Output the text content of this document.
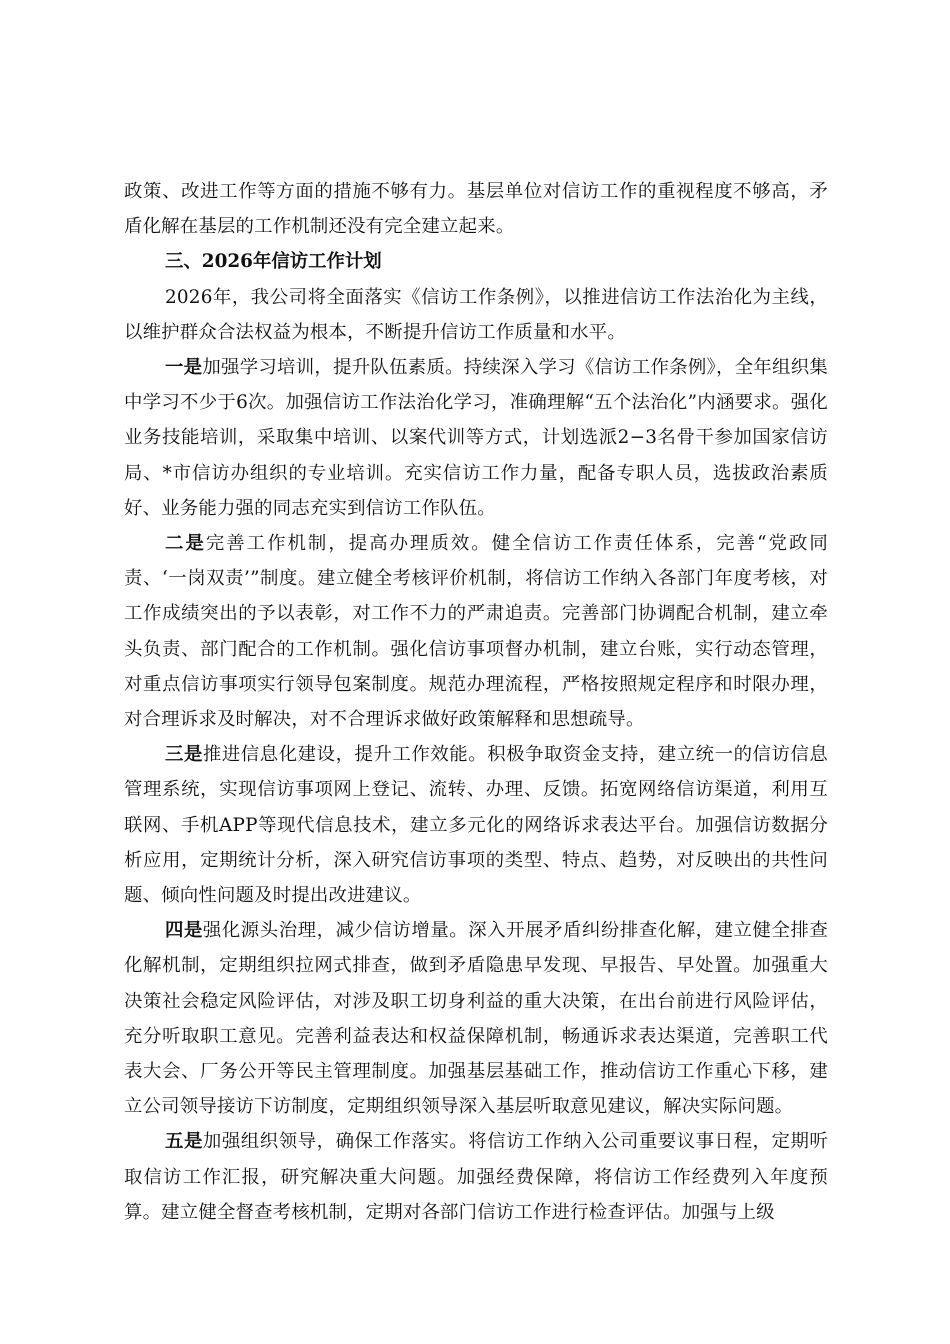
政策、改进工作等方面的措施不够有力。基层单位对信访工作的重视程度不够高，矛盾化解在基层的工作机制还没有完全建立起来。

三、2026年信访工作计划

2026年，我公司将全面落实《信访工作条例》，以推进信访工作法治化为主线，以维护群众合法权益为根本，不断提升信访工作质量和水平。

一是加强学习培训，提升队伍素质。持续深入学习《信访工作条例》，全年组织集中学习不少于6次。加强信访工作法治化学习，准确理解“五个法治化”内涵要求。强化业务技能培训，采取集中培训、以案代训等方式，计划选派2−3名骨干参加国家信访局、*市信访办组织的专业培训。充实信访工作力量，配备专职人员，选拔政治素质好、业务能力强的同志充实到信访工作队伍。

二是完善工作机制，提高办理质效。健全信访工作责任体系，完善“党政同责、‘一岗双责’”制度。建立健全考核评价机制，将信访工作纳入各部门年度考核，对工作成绩突出的予以表彰，对工作不力的严肃追责。完善部门协调配合机制，建立牵头负责、部门配合的工作机制。强化信访事项督办机制，建立台账，实行动态管理，对重点信访事项实行领导包案制度。规范办理流程，严格按照规定程序和时限办理，对合理诉求及时解决，对不合理诉求做好政策解释和思想疏导。

三是推进信息化建设，提升工作效能。积极争取资金支持，建立统一的信访信息管理系统，实现信访事项网上登记、流转、办理、反馈。拓宽网络信访渠道，利用互联网、手机APP等现代信息技术，建立多元化的网络诉求表达平台。加强信访数据分析应用，定期统计分析，深入研究信访事项的类型、特点、趋势，对反映出的共性问题、倾向性问题及时提出改进建议。

四是强化源头治理，减少信访增量。深入开展矛盾纠纷排查化解，建立健全排查化解机制，定期组织拉网式排查，做到矛盾隐患早发现、早报告、早处置。加强重大决策社会稳定风险评估，对涉及职工切身利益的重大决策，在出台前进行风险评估，充分听取职工意见。完善利益表达和权益保障机制，畅通诉求表达渠道，完善职工代表大会、厂务公开等民主管理制度。加强基层基础工作，推动信访工作重心下移，建立公司领导接访下访制度，定期组织领导深入基层听取意见建议，解决实际问题。

五是加强组织领导，确保工作落实。将信访工作纳入公司重要议事日程，定期听取信访工作汇报，研究解决重大问题。加强经费保障，将信访工作经费列入年度预算。建立健全督查考核机制，定期对各部门信访工作进行检查评估。加强与上级
